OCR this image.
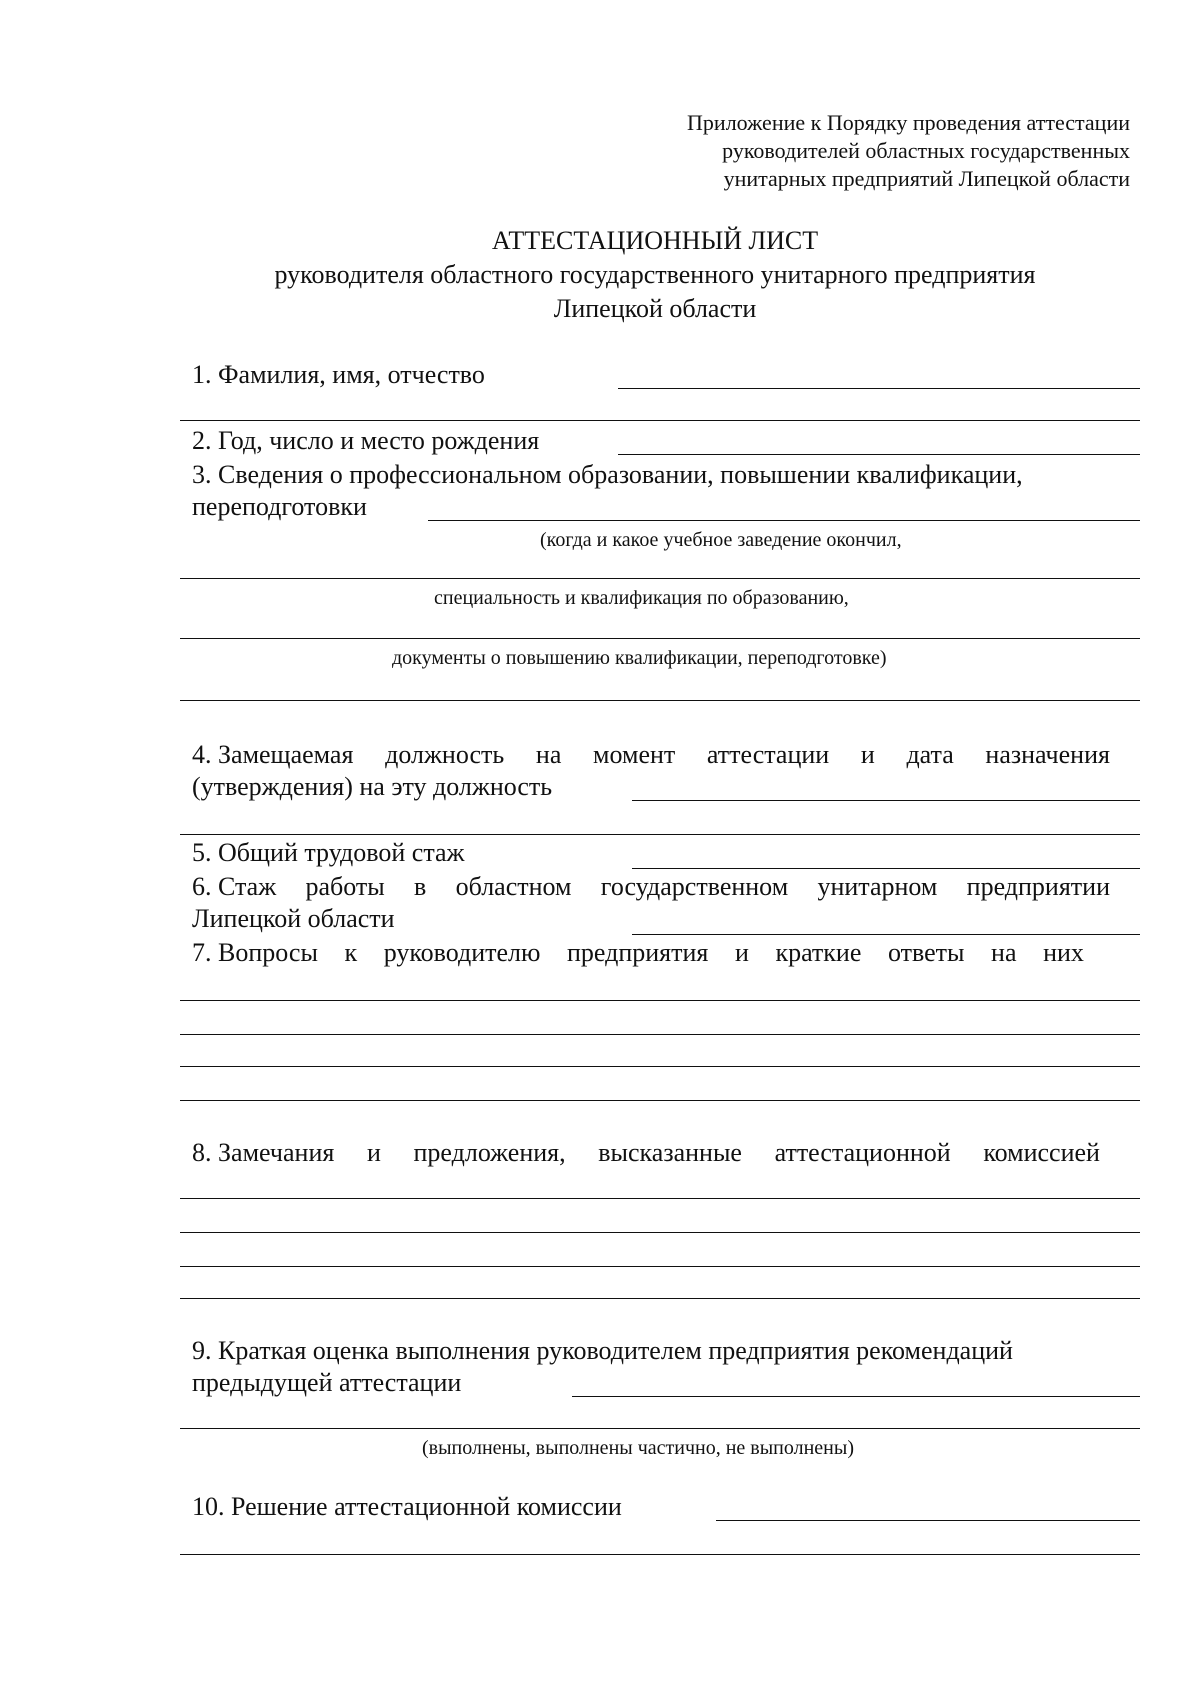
Приложение к Порядку проведения аттестации
руководителей областных государственных
унитарных предприятий Липецкой области
АТТЕСТАЦИОННЫЙ ЛИСТ
руководителя областного государственного унитарного предприятия
Липецкой области
1. Фамилия, имя, отчество
2. Год, число и место рождения
3. Сведения о профессиональном образовании, повышении квалификации,
переподготовки
(когда и какое учебное заведение окончил,
специальность и квалификация по образованию,
документы о повышению квалификации, переподготовке)
4. Замещаемая должность на момент аттестации и дата назначения
(утверждения) на эту должность
5. Общий трудовой стаж
6. Стаж работы в областном государственном унитарном предприятии
Липецкой области
7. Вопросы к руководителю предприятия и краткие ответы на них
8. Замечания и предложения, высказанные аттестационной комиссией
9. Краткая оценка выполнения руководителем предприятия рекомендаций
предыдущей аттестации
(выполнены, выполнены частично, не выполнены)
10. Решение аттестационной комиссии
